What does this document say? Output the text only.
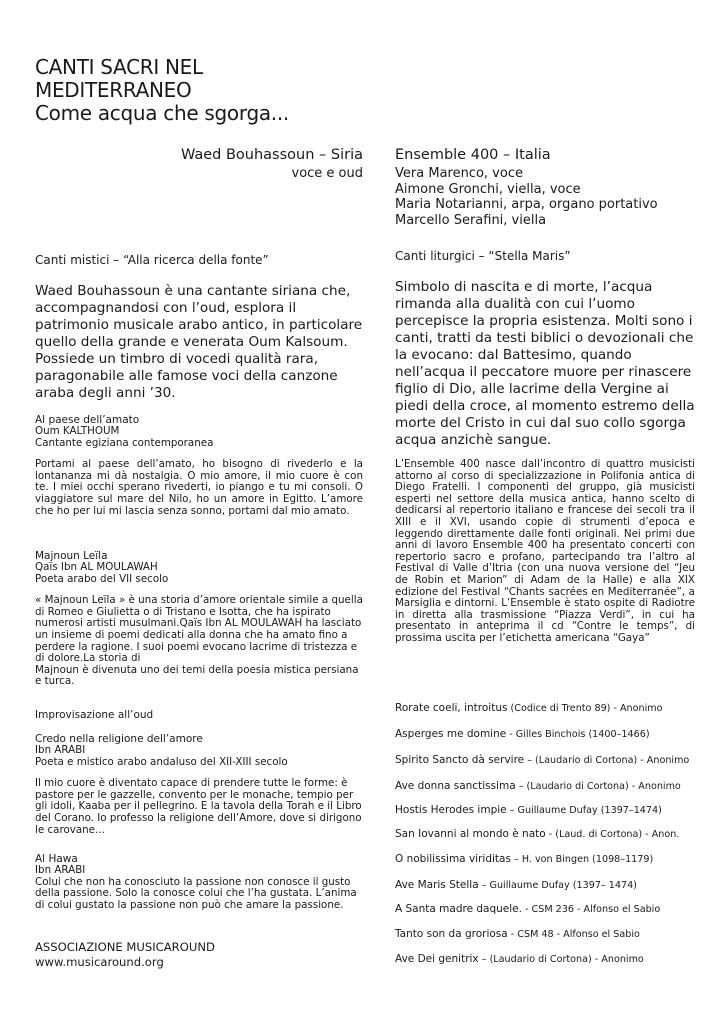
CANTI SACRI NEL
MEDITERRANEO
Come acqua che sgorga...
Waed Bouhassoun – Siria
voce e oud
Canti mistici – “Alla ricerca della fonte”
Waed Bouhassoun è una cantante siriana che, accompagnandosi con l’oud, esplora il patrimonio musicale arabo antico, in particolare quello della grande e venerata Oum Kalsoum. Possiede un timbro di vocedi qualità rara, paragonabile alle famose voci della canzone araba degli anni ’30.
Al paese dell’amato
Oum KALTHOUM
Cantante egiziana contemporanea
Portami al paese dell’amato, ho bisogno di rivederlo e la lontananza mi dà nostalgia. O mio amore, il mio cuore è con te. I miei occhi sperano rivederti, io piango e tu mi consoli. O viaggiatore sul mare del Nilo, ho un amore in Egitto. L’amore che ho per lui mi lascia senza sonno, portami dal mio amato.
Majnoun Leïla
Qaïs Ibn AL MOULAWAH
Poeta arabo del VII secolo
« Majnoun Leïla » è una storia d’amore orientale simile a quella di Romeo e Giulietta o di Tristano e Isotta, che ha ispirato numerosi artisti musulmani.Qaïs Ibn AL MOULAWAH ha lasciato un insieme di poemi dedicati alla donna che ha amato fino a perdere la ragione. I suoi poemi evocano lacrime di tristezza e di dolore.La storia di
Majnoun è divenuta uno dei temi della poesia mistica persiana e turca.
Improvisazione all’oud
Credo nella religione dell’amore
Ibn ARABI
Poeta e mistico arabo andaluso del XII-XIII secolo
Il mio cuore è diventato capace di prendere tutte le forme: è pastore per le gazzelle, convento per le monache, tempio per gli idoli, Kaaba per il pellegrino. E la tavola della Torah e il Libro del Corano. Io professo la religione dell’Amore, dove si dirigono le carovane...
Al Hawa
Ibn ARABI
Colui che non ha conosciuto la passione non conosce il gusto della passione. Solo la conosce colui che l’ha gustata. L’anima di colui gustato la passione non può che amare la passione.
ASSOCIAZIONE MUSICAROUND
www.musicaround.org
Ensemble 400 – Italia
Vera Marenco, voce
Aimone Gronchi, viella, voce
Maria Notarianni, arpa, organo portativo
Marcello Serafini, viella
Canti liturgici – “Stella Maris”
Simbolo di nascita e di morte, l’acqua rimanda alla dualità con cui l’uomo percepisce la propria esistenza. Molti sono i canti, tratti da testi biblici o devozionali che la evocano: dal Battesimo, quando nell’acqua il peccatore muore per rinascere figlio di Dio, alle lacrime della Vergine ai piedi della croce, al momento estremo della morte del Cristo in cui dal suo collo sgorga acqua anzichè sangue.
L’Ensemble 400 nasce dall’incontro di quattro musicisti attorno al corso di specializzazione in Polifonia antica di Diego Fratelli. I componenti del gruppo, già musicisti esperti nel settore della musica antica, hanno scelto di dedicarsi al repertorio italiano e francese dei secoli tra il XIII e il XVI, usando copie di strumenti d’epoca e leggendo direttamente dalle fonti originali. Nei primi due anni di lavoro Ensemble 400 ha presentato concerti con repertorio sacro e profano, partecipando tra l’altro al Festival di Valle d’Itria (con una nuova versione del “Jeu de Robin et Marion” di Adam de la Halle) e alla XIX edizione del Festival “Chants sacrées en Mediterranée”, a Marsiglia e dintorni. L’Ensemble è stato ospite di Radiotre in diretta alla trasmissione “Piazza Verdi”, in cui ha presentato in anteprima il cd “Contre le temps”, di prossima uscita per l’etichetta americana “Gaya”
Rorate coeli, introitus (Codice di Trento 89) - Anonimo
Asperges me domine - Gilles Binchois (1400–1466)
Spirito Sancto dà servire – (Laudario di Cortona) - Anonimo
Ave donna sanctissima – (Laudario di Cortona) - Anonimo
Hostis Herodes impie – Guillaume Dufay (1397–1474)
San Iovanni al mondo è nato - (Laud. di Cortona) - Anon.
O nobilissima viriditas – H. von Bingen (1098–1179)
Ave Maris Stella – Guillaume Dufay (1397– 1474)
A Santa madre daquele. - CSM 236 - Alfonso el Sabio
Tanto son da groriosa - CSM 48 - Alfonso el Sabio
Ave Dei genitrix – (Laudario di Cortona) - Anonimo
